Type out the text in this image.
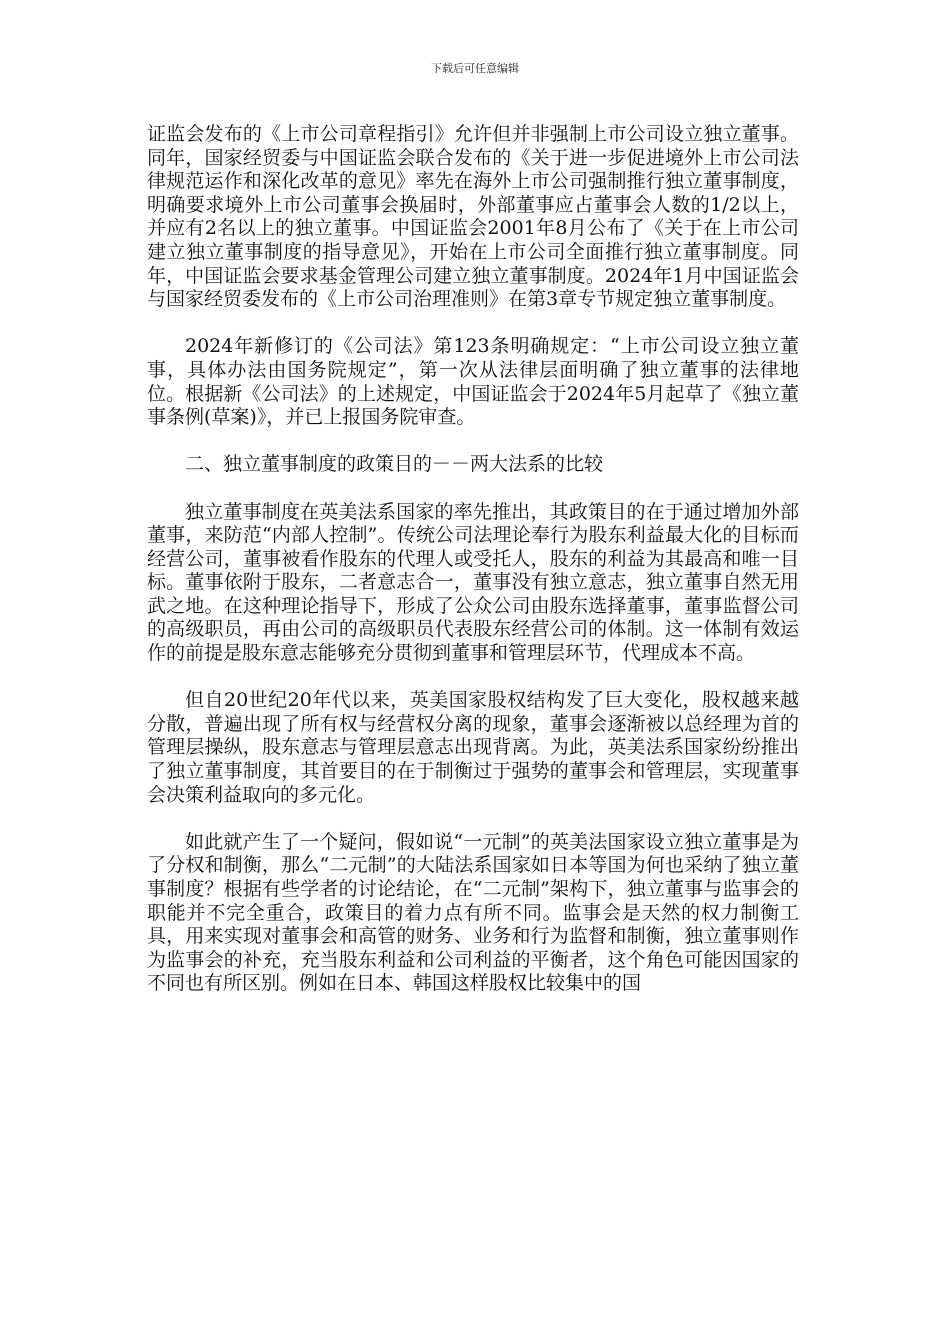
下载后可任意编辑

证监会发布的《上市公司章程指引》允许但并非强制上市公司设立独立董事。同年，国家经贸委与中国证监会联合发布的《关于进一步促进境外上市公司法律规范运作和深化改革的意见》率先在海外上市公司强制推行独立董事制度，明确要求境外上市公司董事会换届时，外部董事应占董事会人数的1/2以上，并应有2名以上的独立董事。中国证监会2001年8月公布了《关于在上市公司建立独立董事制度的指导意见》，开始在上市公司全面推行独立董事制度。同年，中国证监会要求基金管理公司建立独立董事制度。2024年1月中国证监会与国家经贸委发布的《上市公司治理准则》在第3章专节规定独立董事制度。

2024年新修订的《公司法》第123条明确规定：“上市公司设立独立董事，具体办法由国务院规定”，第一次从法律层面明确了独立董事的法律地位。根据新《公司法》的上述规定，中国证监会于2024年5月起草了《独立董事条例(草案)》，并已上报国务院审查。

二、独立董事制度的政策目的－－两大法系的比较

独立董事制度在英美法系国家的率先推出，其政策目的在于通过增加外部董事，来防范“内部人控制”。传统公司法理论奉行为股东利益最大化的目标而经营公司，董事被看作股东的代理人或受托人，股东的利益为其最高和唯一目标。董事依附于股东，二者意志合一，董事没有独立意志，独立董事自然无用武之地。在这种理论指导下，形成了公众公司由股东选择董事，董事监督公司的高级职员，再由公司的高级职员代表股东经营公司的体制。这一体制有效运作的前提是股东意志能够充分贯彻到董事和管理层环节，代理成本不高。

但自20世纪20年代以来，英美国家股权结构发了巨大变化，股权越来越分散，普遍出现了所有权与经营权分离的现象，董事会逐渐被以总经理为首的管理层操纵，股东意志与管理层意志出现背离。为此，英美法系国家纷纷推出了独立董事制度，其首要目的在于制衡过于强势的董事会和管理层，实现董事会决策利益取向的多元化。

如此就产生了一个疑问，假如说“一元制”的英美法国家设立独立董事是为了分权和制衡，那么“二元制”的大陆法系国家如日本等国为何也采纳了独立董事制度？根据有些学者的讨论结论，在“二元制”架构下，独立董事与监事会的职能并不完全重合，政策目的着力点有所不同。监事会是天然的权力制衡工具，用来实现对董事会和高管的财务、业务和行为监督和制衡，独立董事则作为监事会的补充，充当股东利益和公司利益的平衡者，这个角色可能因国家的不同也有所区别。例如在日本、韩国这样股权比较集中的国
